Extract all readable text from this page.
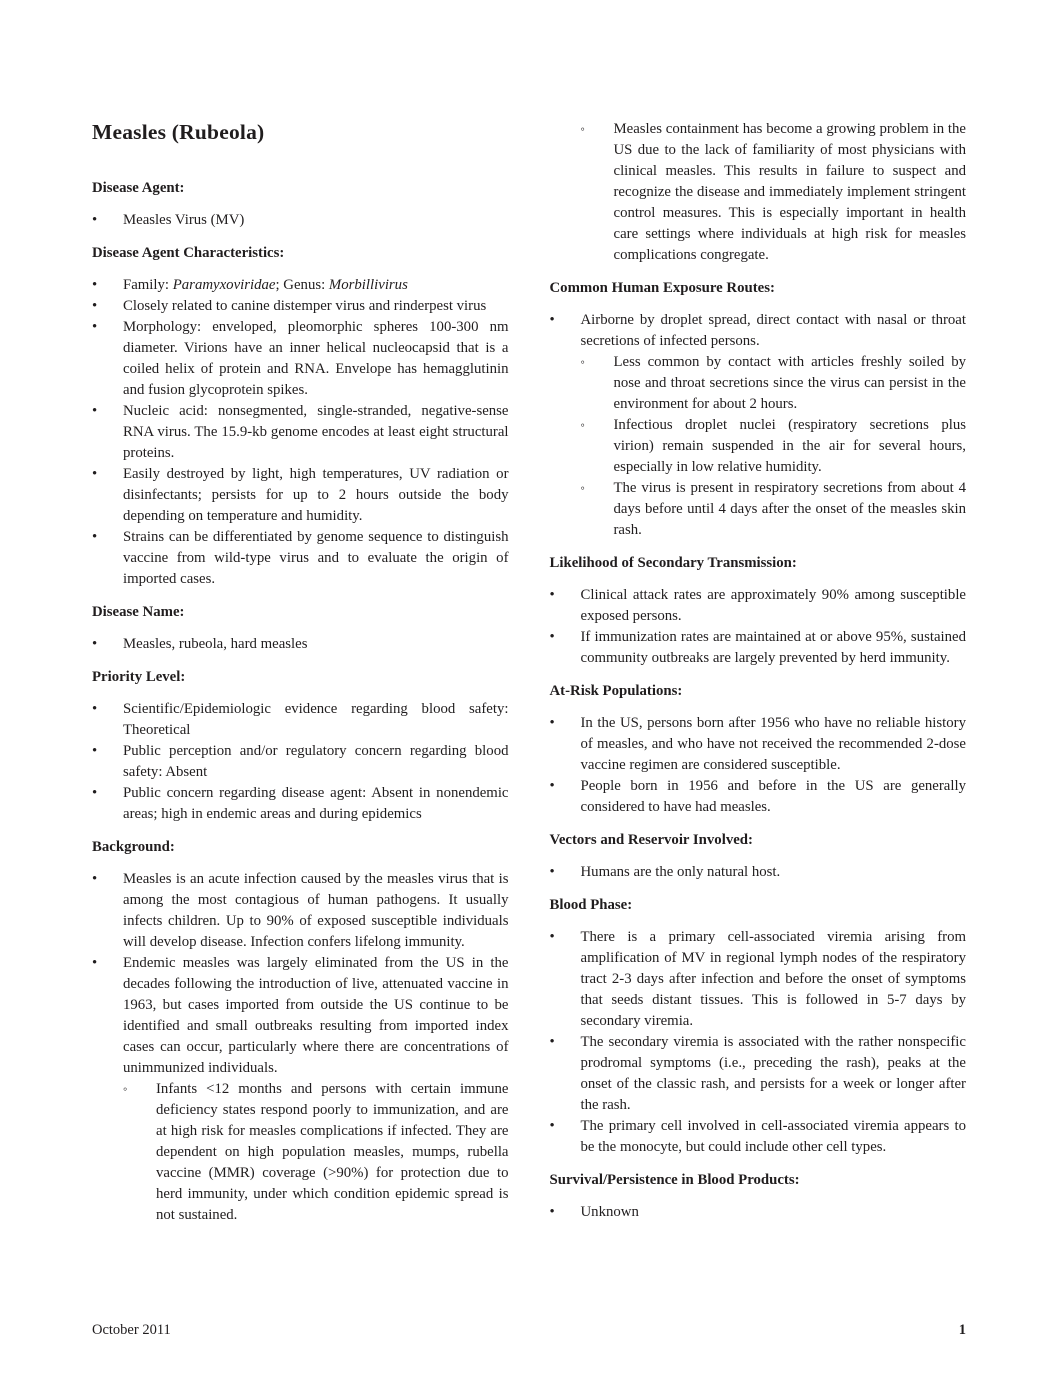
Measles (Rubeola)
Disease Agent:
•	Measles Virus (MV)
Disease Agent Characteristics:
•	Family: Paramyxoviridae; Genus: Morbillivirus
•	Closely related to canine distemper virus and rinderpest virus
•	Morphology: enveloped, pleomorphic spheres 100-300 nm diameter. Virions have an inner helical nucleocapsid that is a coiled helix of protein and RNA. Envelope has hemagglutinin and fusion glycoprotein spikes.
•	Nucleic acid: nonsegmented, single-stranded, negative-sense RNA virus. The 15.9-kb genome encodes at least eight structural proteins.
•	Easily destroyed by light, high temperatures, UV radiation or disinfectants; persists for up to 2 hours outside the body depending on temperature and humidity.
•	Strains can be differentiated by genome sequence to distinguish vaccine from wild-type virus and to evaluate the origin of imported cases.
Disease Name:
•	Measles, rubeola, hard measles
Priority Level:
•	Scientific/Epidemiologic evidence regarding blood safety: Theoretical
•	Public perception and/or regulatory concern regarding blood safety: Absent
•	Public concern regarding disease agent: Absent in nonendemic areas; high in endemic areas and during epidemics
Background:
•	Measles is an acute infection caused by the measles virus that is among the most contagious of human pathogens. It usually infects children. Up to 90% of exposed susceptible individuals will develop disease. Infection confers lifelong immunity.
•	Endemic measles was largely eliminated from the US in the decades following the introduction of live, attenuated vaccine in 1963, but cases imported from outside the US continue to be identified and small outbreaks resulting from imported index cases can occur, particularly where there are concentrations of unimmunized individuals.
◦	Infants <12 months and persons with certain immune deficiency states respond poorly to immunization, and are at high risk for measles complications if infected. They are dependent on high population measles, mumps, rubella vaccine (MMR) coverage (>90%) for protection due to herd immunity, under which condition epidemic spread is not sustained.
◦	Measles containment has become a growing problem in the US due to the lack of familiarity of most physicians with clinical measles. This results in failure to suspect and recognize the disease and immediately implement stringent control measures. This is especially important in health care settings where individuals at high risk for measles complications congregate.
Common Human Exposure Routes:
•	Airborne by droplet spread, direct contact with nasal or throat secretions of infected persons.
◦	Less common by contact with articles freshly soiled by nose and throat secretions since the virus can persist in the environment for about 2 hours.
◦	Infectious droplet nuclei (respiratory secretions plus virion) remain suspended in the air for several hours, especially in low relative humidity.
◦	The virus is present in respiratory secretions from about 4 days before until 4 days after the onset of the measles skin rash.
Likelihood of Secondary Transmission:
•	Clinical attack rates are approximately 90% among susceptible exposed persons.
•	If immunization rates are maintained at or above 95%, sustained community outbreaks are largely prevented by herd immunity.
At-Risk Populations:
•	In the US, persons born after 1956 who have no reliable history of measles, and who have not received the recommended 2-dose vaccine regimen are considered susceptible.
•	People born in 1956 and before in the US are generally considered to have had measles.
Vectors and Reservoir Involved:
•	Humans are the only natural host.
Blood Phase:
•	There is a primary cell-associated viremia arising from amplification of MV in regional lymph nodes of the respiratory tract 2-3 days after infection and before the onset of symptoms that seeds distant tissues. This is followed in 5-7 days by secondary viremia.
•	The secondary viremia is associated with the rather nonspecific prodromal symptoms (i.e., preceding the rash), peaks at the onset of the classic rash, and persists for a week or longer after the rash.
•	The primary cell involved in cell-associated viremia appears to be the monocyte, but could include other cell types.
Survival/Persistence in Blood Products:
•	Unknown
October 2011	1
